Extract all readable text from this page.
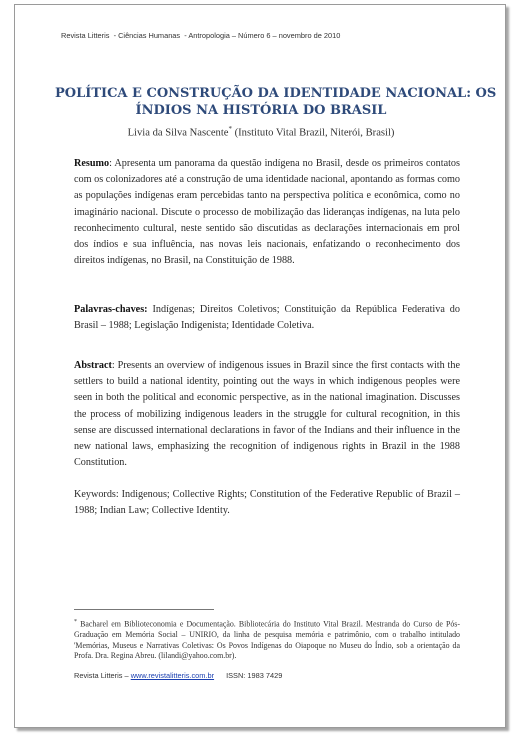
Revista Litteris  - Ciências Humanas  - Antropologia – Número 6 – novembro de 2010
POLÍTICA E CONSTRUÇÃO DA IDENTIDADE NACIONAL: OS
ÍNDIOS NA HISTÓRIA DO BRASIL
Livia da Silva Nascente* (Instituto Vital Brazil, Niterói, Brasil)
Resumo: Apresenta um panorama da questão indígena no Brasil, desde os primeiros contatos com os colonizadores até a construção de uma identidade nacional, apontando as formas como as populações indígenas eram percebidas tanto na perspectiva política e econômica, como no imaginário nacional. Discute o processo de mobilização das lideranças indígenas, na luta pelo reconhecimento cultural, neste sentido são discutidas as declarações internacionais em prol dos índios e sua influência, nas novas leis nacionais, enfatizando o reconhecimento dos direitos indígenas, no Brasil, na Constituição de 1988.
Palavras-chaves: Indígenas; Direitos Coletivos; Constituição da República Federativa do Brasil – 1988; Legislação Indigenista; Identidade Coletiva.
Abstract: Presents an overview of indigenous issues in Brazil since the first contacts with the settlers to build a national identity, pointing out the ways in which indigenous peoples were seen in both the political and economic perspective, as in the national imagination. Discusses the process of mobilizing indigenous leaders in the struggle for cultural recognition, in this sense are discussed international declarations in favor of the Indians and their influence in the new national laws, emphasizing the recognition of indigenous rights in Brazil in the 1988 Constitution.
Keywords: Indigenous; Collective Rights; Constitution of the Federative Republic of Brazil – 1988; Indian Law; Collective Identity.
* Bacharel em Biblioteconomia e Documentação. Bibliotecária do Instituto Vital Brazil. Mestranda do Curso de Pós-Graduação em Memória Social – UNIRIO, da linha de pesquisa memória e patrimônio, com o trabalho intitulado 'Memórias, Museus e Narrativas Coletivas: Os Povos Indígenas do Oiapoque no Museu do Índio, sob a orientação da Profa. Dra. Regina Abreu. (lilandi@yahoo.com.br).
Revista Litteris – www.revistalitteris.com.br ISSN: 1983 7429
